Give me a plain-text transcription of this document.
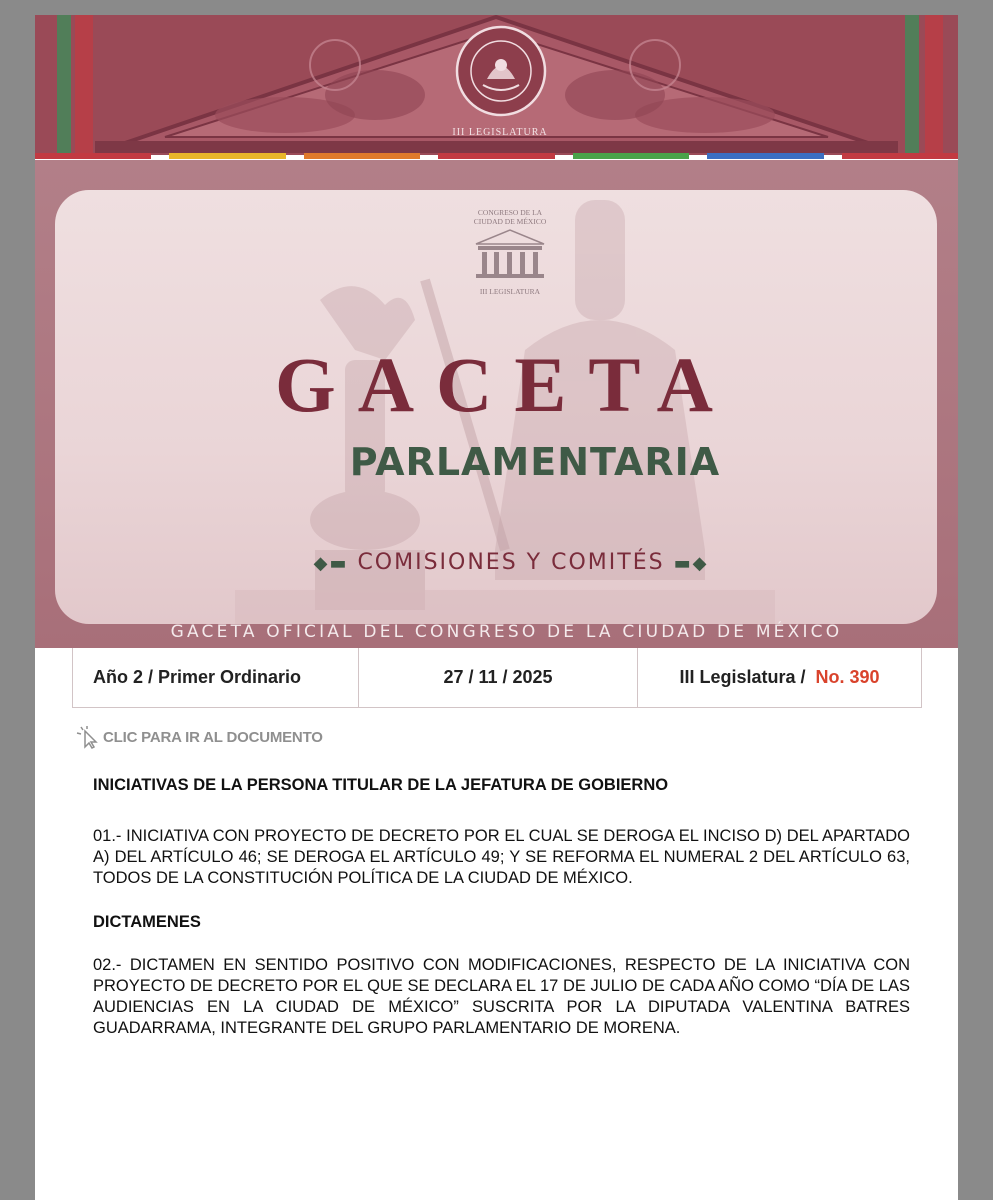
III LEGISLATURA
CONGRESO DE LA
CIUDAD DE MÉXICO
III LEGISLATURA
GACETA
PARLAMENTARIA
◆▬ COMISIONES Y COMITÉS ▬◆
GACETA OFICIAL DEL CONGRESO DE LA CIUDAD DE MÉXICO
Año 2 / Primer Ordinario	27 / 11 / 2025	III Legislatura / No. 390
CLIC PARA IR AL DOCUMENTO

INICIATIVAS DE LA PERSONA TITULAR DE LA JEFATURA DE GOBIERNO

01.- INICIATIVA CON PROYECTO DE DECRETO POR EL CUAL SE DEROGA EL INCISO D) DEL APARTADO A) DEL ARTÍCULO 46; SE DEROGA EL ARTÍCULO 49; Y SE REFORMA EL NUMERAL 2 DEL ARTÍCULO 63, TODOS DE LA CONSTITUCIÓN POLÍTICA DE LA CIUDAD DE MÉXICO.

DICTAMENES

02.- DICTAMEN EN SENTIDO POSITIVO CON MODIFICACIONES, RESPECTO DE LA INICIATIVA CON PROYECTO DE DECRETO POR EL QUE SE DECLARA EL 17 DE JULIO DE CADA AÑO COMO “DÍA DE LAS AUDIENCIAS EN LA CIUDAD DE MÉXICO” SUSCRITA POR LA DIPUTADA VALENTINA BATRES GUADARRAMA, INTEGRANTE DEL GRUPO PARLAMENTARIO DE MORENA.
